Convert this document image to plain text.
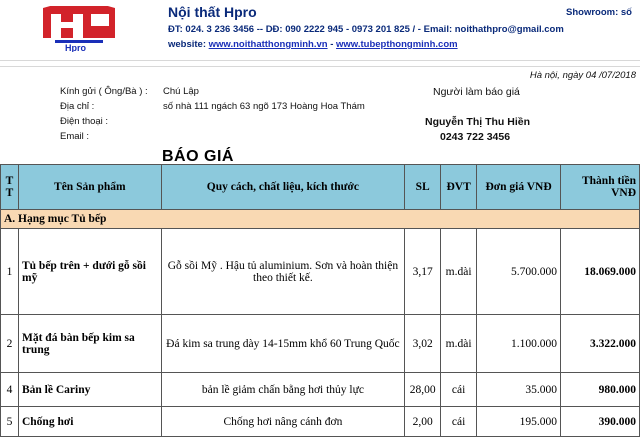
Hpro
Nội thất Hpro
ĐT: 024. 3 236 3456 -- DĐ: 090 2222 945 - 0973 201 825 / - Email: noithathpro@gmail.com
website: www.noithatthongminh.vn - www.tubepthongminh.com
Showroom: số
Hà nội, ngày 04 /07/2018
Kính gửi ( Ông/Bà ) : Chú Lập	Người làm báo giá
Địa chỉ :	số nhà 111 ngách 63 ngõ 173 Hoàng Hoa Thám
Điện thoại :	Nguyễn Thị Thu Hiền
Email :	0243 722 3456
BÁO GIÁ
T T	Tên Sản phẩm	Quy cách, chất liệu, kích thước	SL	ĐVT	Đơn giá VNĐ	Thành tiền VNĐ
A. Hạng mục Tủ bếp						
1	Tủ bếp trên + dưới gỗ sồi mỹ	Gỗ sồi Mỹ . Hậu tủ aluminium. Sơn và hoàn thiện theo thiết kế.	3,17	m.dài	5.700.000	18.069.000
2	Mặt đá bàn bếp kim sa trung	Đá kim sa trung dày 14-15mm khổ 60 Trung Quốc	3,02	m.dài	1.100.000	3.322.000
4	Bản lề Cariny	bản lề giảm chấn bằng hơi thủy lực	28,00	cái	35.000	980.000
5	Chống hơi	Chống hơi nâng cánh đơn	2,00	cái	195.000	390.000
